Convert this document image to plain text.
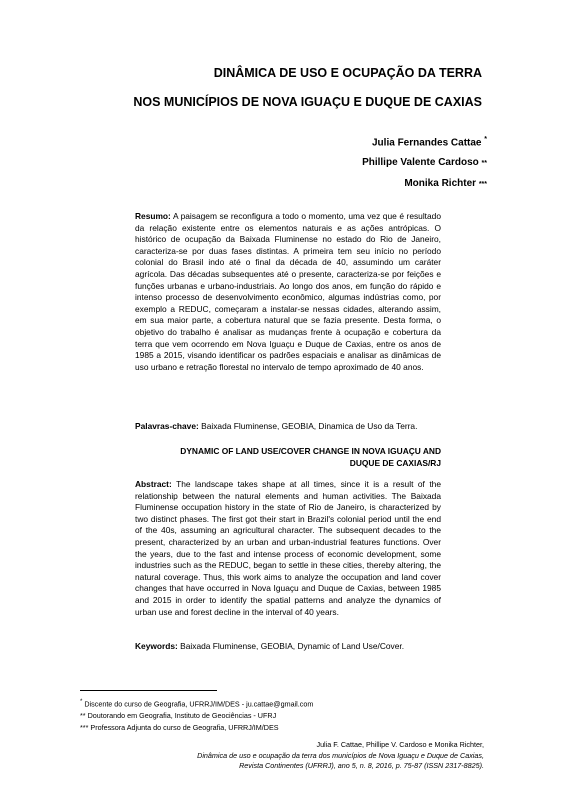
DINÂMICA DE USO E OCUPAÇÃO DA TERRA
NOS MUNICÍPIOS DE NOVA IGUAÇU E DUQUE DE CAXIAS
Julia Fernandes Cattae *
Phillipe Valente Cardoso **
Monika Richter ***
Resumo: A paisagem se reconfigura a todo o momento, uma vez que é resultado da relação existente entre os elementos naturais e as ações antrópicas. O histórico de ocupação da Baixada Fluminense no estado do Rio de Janeiro, caracteriza-se por duas fases distintas. A primeira tem seu início no período colonial do Brasil indo até o final da década de 40, assumindo um caráter agrícola. Das décadas subsequentes até o presente, caracteriza-se por feições e funções urbanas e urbano-industriais. Ao longo dos anos, em função do rápido e intenso processo de desenvolvimento econômico, algumas indústrias como, por exemplo a REDUC, começaram a instalar-se nessas cidades, alterando assim, em sua maior parte, a cobertura natural que se fazia presente. Desta forma, o objetivo do trabalho é analisar as mudanças frente à ocupação e cobertura da terra que vem ocorrendo em Nova Iguaçu e Duque de Caxias, entre os anos de 1985 a 2015, visando identificar os padrões espaciais e analisar as dinâmicas de uso urbano e retração florestal no intervalo de tempo aproximado de 40 anos.
Palavras-chave: Baixada Fluminense, GEOBIA, Dinamica de Uso da Terra.
DYNAMIC OF LAND USE/COVER CHANGE IN NOVA IGUAÇU AND
DUQUE DE CAXIAS/RJ
Abstract: The landscape takes shape at all times, since it is a result of the relationship between the natural elements and human activities. The Baixada Fluminense occupation history in the state of Rio de Janeiro, is characterized by two distinct phases. The first got their start in Brazil's colonial period until the end of the 40s, assuming an agricultural character. The subsequent decades to the present, characterized by an urban and urban-industrial features functions. Over the years, due to the fast and intense process of economic development, some industries such as the REDUC, began to settle in these cities, thereby altering, the natural coverage. Thus, this work aims to analyze the occupation and land cover changes that have occurred in Nova Iguaçu and Duque de Caxias, between 1985 and 2015 in order to identify the spatial patterns and analyze the dynamics of urban use and forest decline in the interval of 40 years.
Keywords: Baixada Fluminense, GEOBIA, Dynamic of Land Use/Cover.
* Discente do curso de Geografia, UFRRJ/IM/DES - ju.cattae@gmail.com
** Doutorando em Geografia, Instituto de Geociências - UFRJ
*** Professora Adjunta do curso de Geografia, UFRRJ/IM/DES
Julia F. Cattae, Phillipe V. Cardoso e Monika Richter,
Dinâmica de uso e ocupação da terra dos municípios de Nova Iguaçu e Duque de Caxias,
Revista Continentes (UFRRJ), ano 5, n. 8, 2016, p. 75-87 (ISSN 2317-8825).
